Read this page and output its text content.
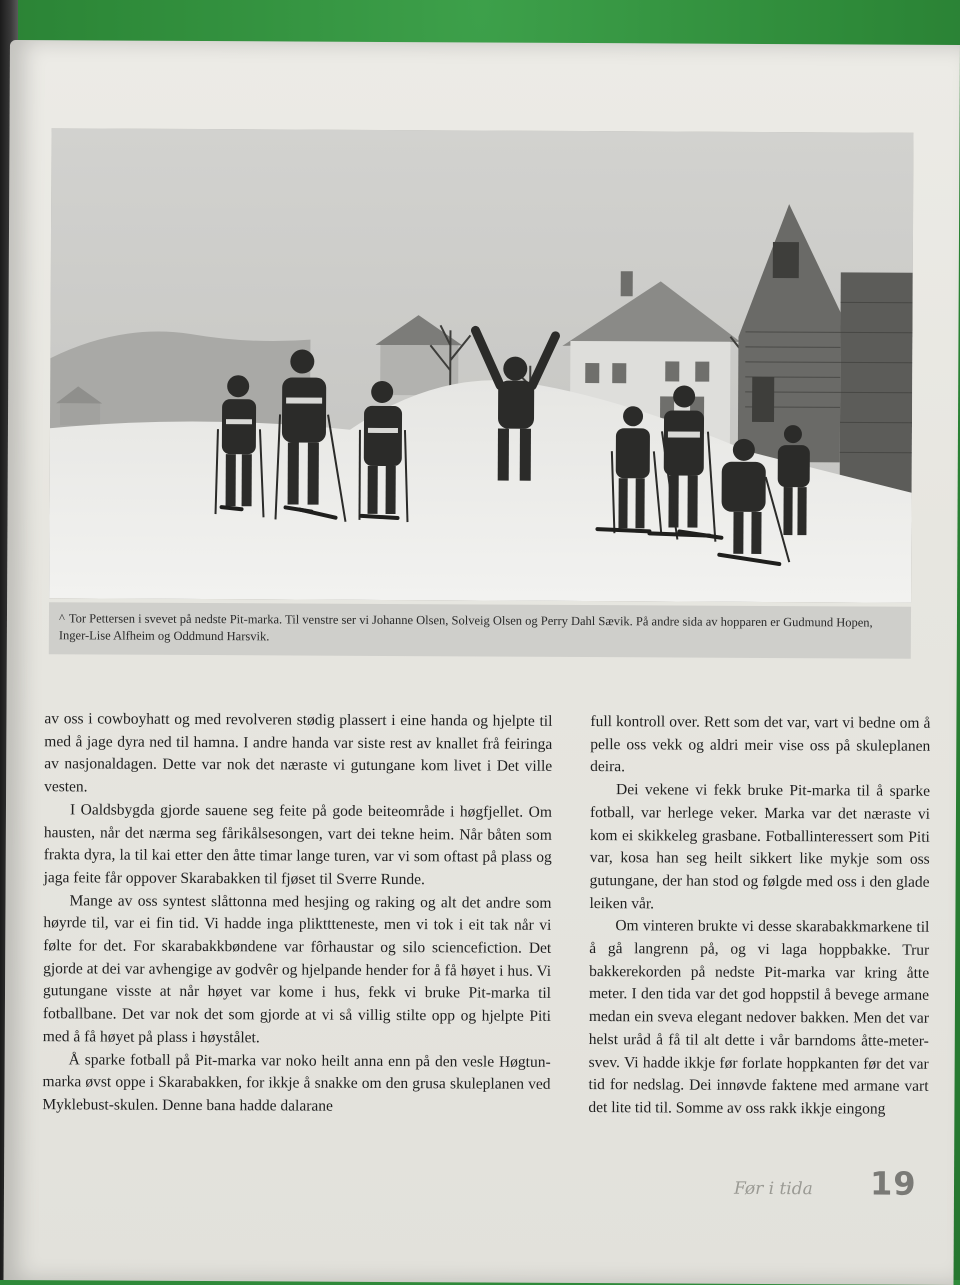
^ Tor Pettersen i svevet på nedste Pit-marka. Til venstre ser vi Johanne Olsen, Solveig Olsen og Perry Dahl Sævik. På andre sida av hopparen er Gudmund Hopen, Inger-Lise Alfheim og Oddmund Harsvik.

av oss i cowboyhatt og med revolveren stødig plassert i eine handa og hjelpte til med å jage dyra ned til hamna. I andre handa var siste rest av knallet frå feiringa av nasjonaldagen. Dette var nok det næraste vi gutungane kom livet i Det ville vesten.

I Oaldsbygda gjorde sauene seg feite på gode beiteområde i høgfjellet. Om hausten, når det nærma seg fårikålsesongen, vart dei tekne heim. Når båten som frakta dyra, la til kai etter den åtte timar lange turen, var vi som oftast på plass og jaga feite får oppover Skarabakken til fjøset til Sverre Runde.

Mange av oss syntest slåttonna med hesjing og raking og alt det andre som høyrde til, var ei fin tid. Vi hadde inga plikttteneste, men vi tok i eit tak når vi følte for det. For skarabakkbøndene var fôrhaustar og silo sciencefiction. Det gjorde at dei var avhengige av godvêr og hjelpande hender for å få høyet i hus. Vi gutungane visste at når høyet var kome i hus, fekk vi bruke Pit-marka til fotballbane. Det var nok det som gjorde at vi så villig stilte opp og hjelpte Piti med å få høyet på plass i høystålet.

Å sparke fotball på Pit-marka var noko heilt anna enn på den vesle Høgtun-marka øvst oppe i Skarabakken, for ikkje å snakke om den grusa skuleplanen ved Myklebust-skulen. Denne bana hadde dalarane

full kontroll over. Rett som det var, vart vi bedne om å pelle oss vekk og aldri meir vise oss på skuleplanen deira.

Dei vekene vi fekk bruke Pit-marka til å sparke fotball, var herlege veker. Marka var det næraste vi kom ei skikkeleg grasbane. Fotballinteressert som Piti var, kosa han seg heilt sikkert like mykje som oss gutungane, der han stod og følgde med oss i den glade leiken vår.

Om vinteren brukte vi desse skarabakkmarkene til å gå langrenn på, og vi laga hoppbakke. Trur bakkerekorden på nedste Pit-marka var kring åtte meter. I den tida var det god hoppstil å bevege armane medan ein sveva elegant nedover bakken. Men det var helst uråd å få til alt dette i vår barndoms åtte-meter-svev. Vi hadde ikkje før forlate hoppkanten før det var tid for nedslag. Dei innøvde faktene med armane vart det lite tid til. Somme av oss rakk ikkje eingong

Før i tida 19
